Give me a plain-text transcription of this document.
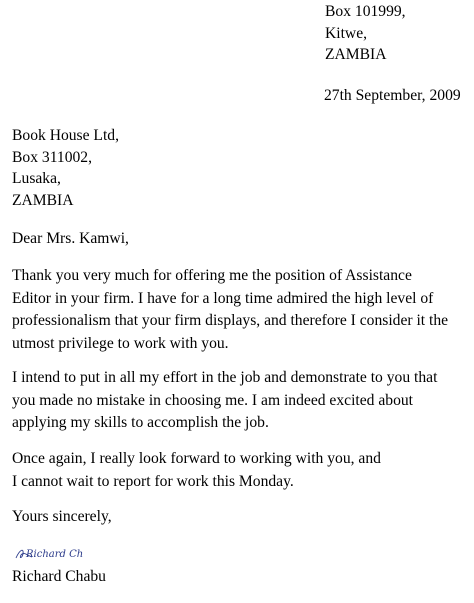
Box 101999,
Kitwe,
ZAMBIA
27th September, 2009
Book House Ltd,
Box 311002,
Lusaka,
ZAMBIA
Dear Mrs. Kamwi,
Thank you very much for offering me the position of Assistance
Editor in your firm. I have for a long time admired the high level of
professionalism that your firm displays, and therefore I consider it the
utmost privilege to work with you.
I intend to put in all my effort in the job and demonstrate to you that
you made no mistake in choosing me. I am indeed excited about
applying my skills to accomplish the job.
Once again, I really look forward to working with you, and
I cannot wait to report for work this Monday.
Yours sincerely,
Richard Ch
Richard Chabu
